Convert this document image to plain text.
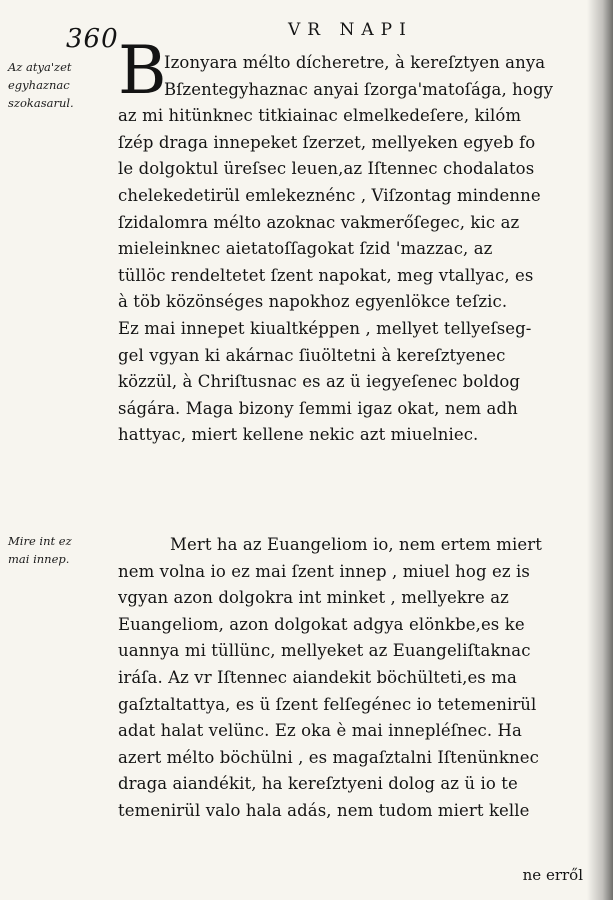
360	VR NAPI
Az atya'zet
egyhaznac
szokasarul.
Mire int ez
mai innep.
B
Izonyara mélto dícheretre, à kereſztyen anya
Bſzentegyhaznac anyai ſzorga'matoſága, hogy
az mi hitünknec titkiainac elmelkedeſere, kilóm
ſzép draga innepeket ſzerzet, mellyeken egyeb fo
le dolgoktul üreſsec leuen,az Iſtennec chodalatos
chelekedetirül emlekeznénc , Viſzontag mindenne
ſzidalomra mélto azoknac vakmerőſegec, kic az
mieleinknec aietatoſſagokat ſzid 'mazzac, az
tüllöc rendeltetet ſzent napokat, meg vtallyac, es
à töb közönséges napokhoz egyenlökce teſzic.
Ez mai innepet kiualtképpen , mellyet tellyeſseg-
gel vgyan ki akárnac ſiuöltetni à kereſztyenec
közzül, à Chriſtusnac es az ü iegyeſenec boldog
ságára. Maga bizony ſemmi igaz okat, nem adh
hattyac, miert kellene nekic azt miuelniec.
Mert ha az Euangeliom io, nem ertem miert
nem volna io ez mai ſzent innep , miuel hog ez is
vgyan azon dolgokra int minket , mellyekre az
Euangeliom, azon dolgokat adgya elönkbe,es ke
uannya mi tüllünc, mellyeket az Euangeliſtaknac
iráſa. Az vr Iſtennec aiandekit böchülteti,es ma
gaſztaltattya, es ü ſzent felſegénec io tetemenirül
adat halat velünc. Ez oka è mai innepléſnec. Ha
azert mélto böchülni , es magaſztalni Iſtenünknec
draga aiandékit, ha kereſztyeni dolog az ü io te
temenirül valo hala adás, nem tudom miert kelle
ne erről
